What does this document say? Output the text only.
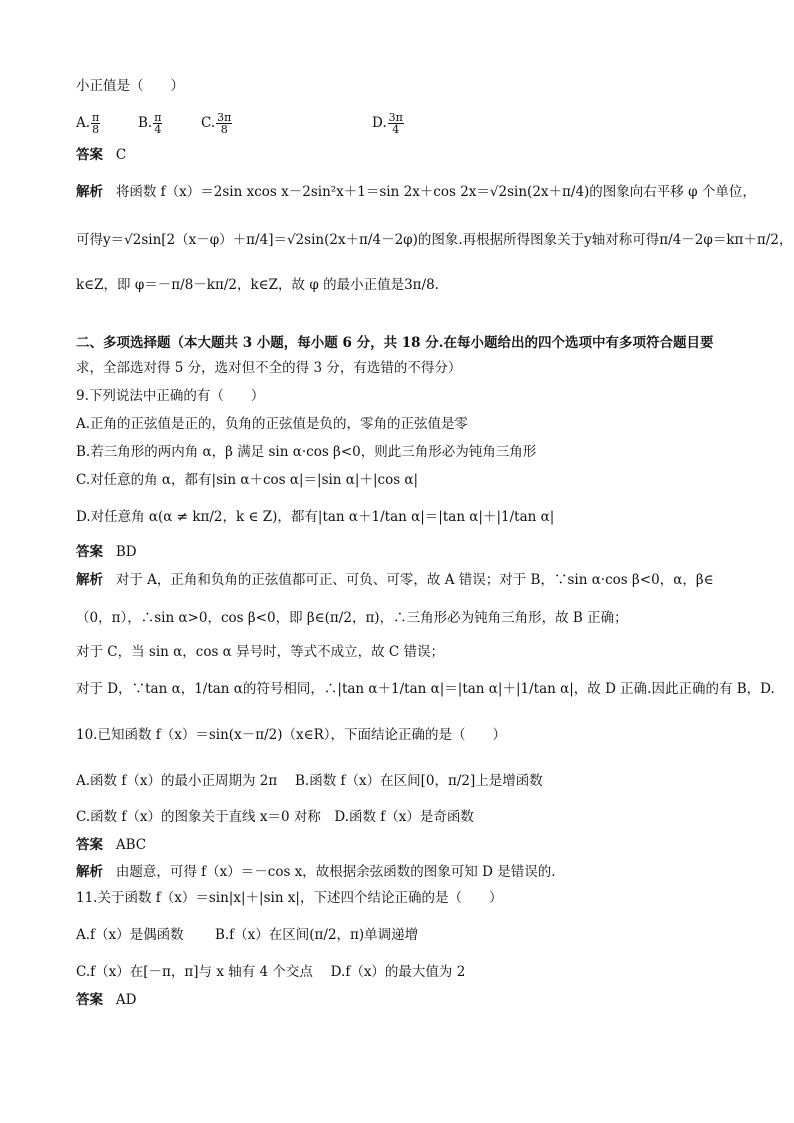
小正值是（　　）
A. $\frac{\pi}{8}$	B. $\frac{\pi}{4}$	C. $\frac{3\pi}{8}$	D. $\frac{3\pi}{4}$
答案 C
解析 将函数 f（x）＝2sin xcos x－2sin²x＋1＝sin 2x＋cos 2x＝√2sin(2x＋π/4)的图象向右平移 φ 个单位，
可得y＝√2sin[2（x－φ）＋π/4]＝√2sin(2x＋π/4－2φ)的图象.再根据所得图象关于y轴对称可得π/4－2φ＝kπ＋π/2，
k∈Z，即 φ＝－π/8－kπ/2，k∈Z，故 φ 的最小正值是3π/8.
二、多项选择题（本大题共 3 小题，每小题 6 分，共 18 分.在每小题给出的四个选项中有多项符合题目要
求，全部选对得 5 分，选对但不全的得 3 分，有选错的不得分）
9.下列说法中正确的有（　　）
A.正角的正弦值是正的，负角的正弦值是负的，零角的正弦值是零
B.若三角形的两内角 α，β 满足 sin α·cos β<0，则此三角形必为钝角三角形
C.对任意的角 α，都有|sin α＋cos α|＝|sin α|＋|cos α|
D.对任意角 α(α ≠ kπ/2，k ∈ Z)，都有|tan α＋1/tan α|＝|tan α|＋|1/tan α|
答案 BD
解析 对于 A，正角和负角的正弦值都可正、可负、可零，故 A 错误；对于 B，∵sin α·cos β<0，α，β∈
（0，π），∴sin α>0，cos β<0，即 β∈(π/2，π)，∴三角形必为钝角三角形，故 B 正确；
对于 C，当 sin α，cos α 异号时，等式不成立，故 C 错误；
对于 D，∵tan α，1/tan α的符号相同，∴|tan α＋1/tan α|＝|tan α|＋|1/tan α|，故 D 正确.因此正确的有 B，D.
10.已知函数 f（x）＝sin(x－π/2)（x∈R），下面结论正确的是（　　）
A.函数 f（x）的最小正周期为 2π　 B.函数 f（x）在区间[0，π/2]上是增函数
C.函数 f（x）的图象关于直线 x＝0 对称　D.函数 f（x）是奇函数
答案 ABC
解析 由题意，可得 f（x）＝－cos x，故根据余弦函数的图象可知 D 是错误的.
11.关于函数 f（x）＝sin|x|＋|sin x|，下述四个结论正确的是（　　）
A.f（x）是偶函数　　 B.f（x）在区间(π/2，π)单调递增
C.f（x）在[－π，π]与 x 轴有 4 个交点　 D.f（x）的最大值为 2
答案 AD
